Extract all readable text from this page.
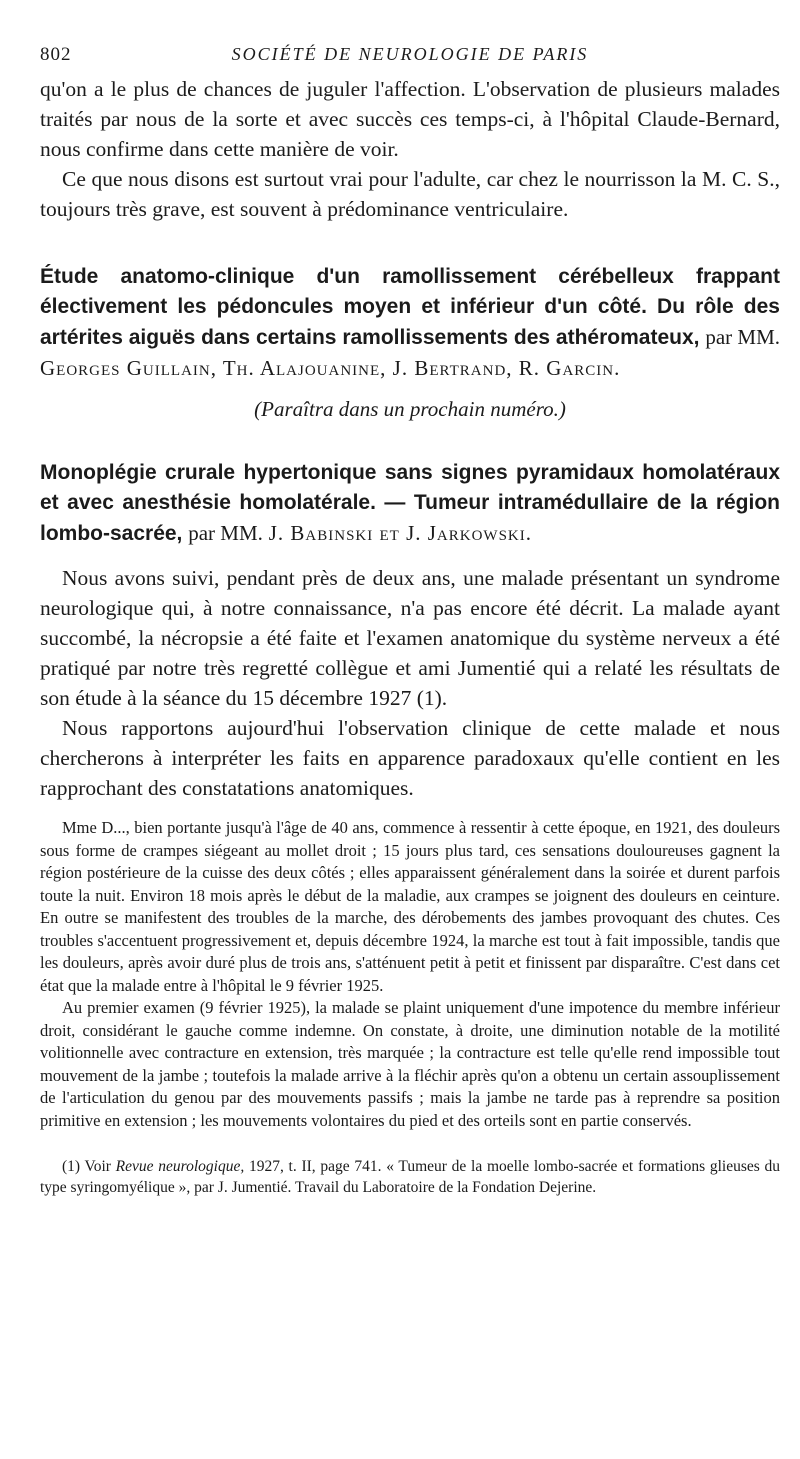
802	SOCIÉTÉ DE NEUROLOGIE DE PARIS

qu'on a le plus de chances de juguler l'affection. L'observation de plusieurs malades traités par nous de la sorte et avec succès ces temps-ci, à l'hôpital Claude-Bernard, nous confirme dans cette manière de voir.

Ce que nous disons est surtout vrai pour l'adulte, car chez le nourrisson la M. C. S., toujours très grave, est souvent à prédominance ventriculaire.

Étude anatomo-clinique d'un ramollissement cérébelleux frappant électivement les pédoncules moyen et inférieur d'un côté. Du rôle des artérites aiguës dans certains ramollissements des athéromateux, par MM. Georges Guillain, Th. Alajouanine, J. Bertrand, R. Garcin.

(Paraîtra dans un prochain numéro.)

Monoplégie crurale hypertonique sans signes pyramidaux homolatéraux et avec anesthésie homolatérale. — Tumeur intramédullaire de la région lombo-sacrée, par MM. J. Babinski et J. Jarkowski.

Nous avons suivi, pendant près de deux ans, une malade présentant un syndrome neurologique qui, à notre connaissance, n'a pas encore été décrit. La malade ayant succombé, la nécropsie a été faite et l'examen anatomique du système nerveux a été pratiqué par notre très regretté collègue et ami Jumentié qui a relaté les résultats de son étude à la séance du 15 décembre 1927 (1).

Nous rapportons aujourd'hui l'observation clinique de cette malade et nous chercherons à interpréter les faits en apparence paradoxaux qu'elle contient en les rapprochant des constatations anatomiques.

Mme D..., bien portante jusqu'à l'âge de 40 ans, commence à ressentir à cette époque, en 1921, des douleurs sous forme de crampes siégeant au mollet droit ; 15 jours plus tard, ces sensations douloureuses gagnent la région postérieure de la cuisse des deux côtés ; elles apparaissent généralement dans la soirée et durent parfois toute la nuit. Environ 18 mois après le début de la maladie, aux crampes se joignent des douleurs en ceinture. En outre se manifestent des troubles de la marche, des dérobements des jambes provoquant des chutes. Ces troubles s'accentuent progressivement et, depuis décembre 1924, la marche est tout à fait impossible, tandis que les douleurs, après avoir duré plus de trois ans, s'atténuent petit à petit et finissent par disparaître. C'est dans cet état que la malade entre à l'hôpital le 9 février 1925.

Au premier examen (9 février 1925), la malade se plaint uniquement d'une impotence du membre inférieur droit, considérant le gauche comme indemne. On constate, à droite, une diminution notable de la motilité volitionnelle avec contracture en extension, très marquée ; la contracture est telle qu'elle rend impossible tout mouvement de la jambe ; toutefois la malade arrive à la fléchir après qu'on a obtenu un certain assouplissement de l'articulation du genou par des mouvements passifs ; mais la jambe ne tarde pas à reprendre sa position primitive en extension ; les mouvements volontaires du pied et des orteils sont en partie conservés.

(1) Voir Revue neurologique, 1927, t. II, page 741. « Tumeur de la moelle lombo-sacrée et formations glieuses du type syringomyélique », par J. Jumentié. Travail du Laboratoire de la Fondation Dejerine.
